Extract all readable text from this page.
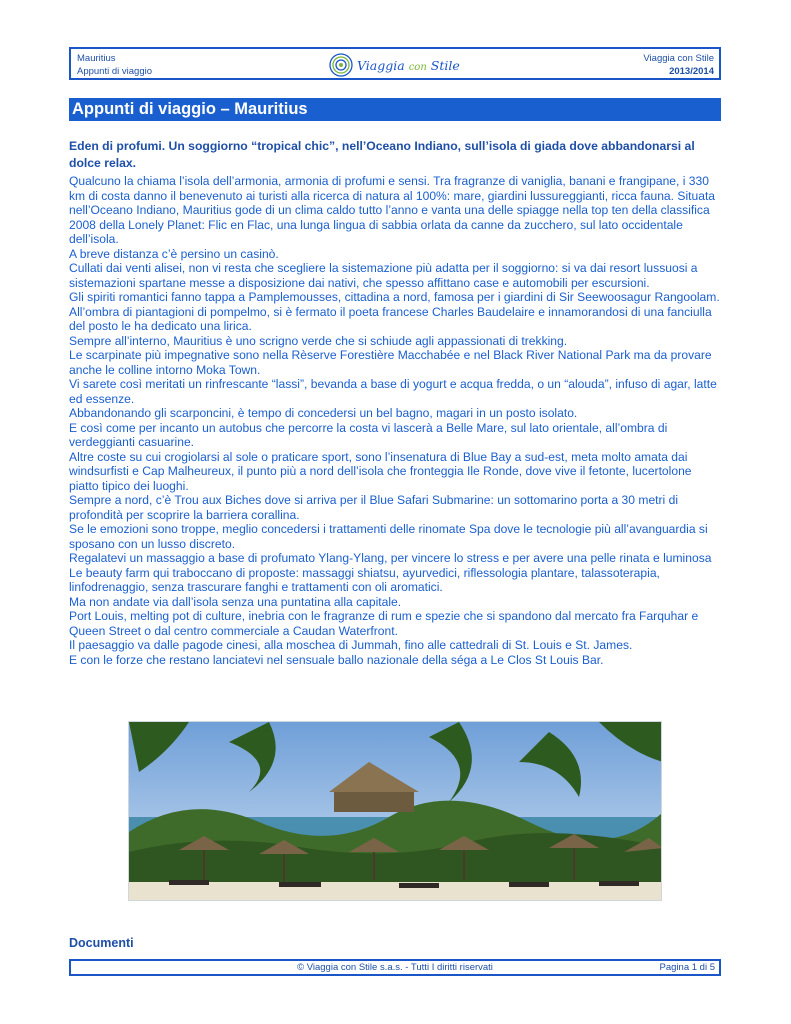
Mauritius
Appunti di viaggio	Viaggia con Stile	Viaggia con Stile
2013/2014
Appunti di viaggio – Mauritius
Eden di profumi. Un soggiorno “tropical chic”, nell’Oceano Indiano, sull’isola di giada dove abbandonarsi al dolce relax.

Qualcuno la chiama l’isola dell’armonia, armonia di profumi e sensi. Tra fragranze di vaniglia, banani e frangipane, i 330 km di costa danno il benevenuto ai turisti alla ricerca di natura al 100%: mare, giardini lussureggianti, ricca fauna. Situata nell’Oceano Indiano, Mauritius gode di un clima caldo tutto l’anno e vanta una delle spiagge nella top ten della classifica 2008 della Lonely Planet: Flic en Flac, una lunga lingua di sabbia orlata da canne da zucchero, sul lato occidentale dell’isola.

A breve distanza c’è persino un casinò.

Cullati dai venti alisei, non vi resta che scegliere la sistemazione più adatta per il soggiorno: si va dai resort lussuosi a sistemazioni spartane messe a disposizione dai nativi, che spesso affittano case e automobili per escursioni.

Gli spiriti romantici fanno tappa a Pamplemousses, cittadina a nord, famosa per i giardini di Sir Seewoosagur Rangoolam.

All’ombra di piantagioni di pompelmo, si è fermato il poeta francese Charles Baudelaire e innamorandosi di una fanciulla del posto le ha dedicato una lirica.

Sempre all’interno, Mauritius è uno scrigno verde che si schiude agli appassionati di trekking.

Le scarpinate più impegnative sono nella Rèserve Forestière Macchabée e nel Black River National Park ma da provare anche le colline intorno Moka Town.

Vi sarete così meritati un rinfrescante “lassi”, bevanda a base di yogurt e acqua fredda, o un “alouda”, infuso di agar, latte ed essenze.

Abbandonando gli scarponcini, è tempo di concedersi un bel bagno, magari in un posto isolato.

E così come per incanto un autobus che percorre la costa vi lascerà a Belle Mare, sul lato orientale, all’ombra di verdeggianti casuarine.

Altre coste su cui crogiolarsi al sole o praticare sport, sono l’insenatura di Blue Bay a sud-est, meta molto amata dai windsurfisti e Cap Malheureux, il punto più a nord dell’isola che fronteggia Ile Ronde, dove vive il fetonte, lucertolone piatto tipico dei luoghi.

Sempre a nord, c’è Trou aux Biches dove si arriva per il Blue Safari Submarine: un sottomarino porta a 30 metri di profondità per scoprire la barriera corallina.

Se le emozioni sono troppe, meglio concedersi i trattamenti delle rinomate Spa dove le tecnologie più all’avanguardia si sposano con un lusso discreto.

Regalatevi un massaggio a base di profumato Ylang-Ylang, per vincere lo stress e per avere una pelle rinata e luminosa

Le beauty farm qui traboccano di proposte: massaggi shiatsu, ayurvedici, riflessologia plantare, talassoterapia, linfodrenaggio, senza trascurare fanghi e trattamenti con oli aromatici.

Ma non andate via dall’isola senza una puntatina alla capitale.

Port Louis, melting pot di culture, inebria con le fragranze di rum e spezie che si spandono dal mercato fra Farquhar e Queen Street o dal centro commerciale a Caudan Waterfront.

Il paesaggio va dalle pagode cinesi, alla moschea di Jummah, fino alle cattedrali di St. Louis e St. James.

E con le forze che restano lanciatevi nel sensuale ballo nazionale della séga a Le Clos St Louis Bar.

Documenti
© Viaggia con Stile s.a.s. - Tutti I diritti riservati	Pagina 1 di 5
